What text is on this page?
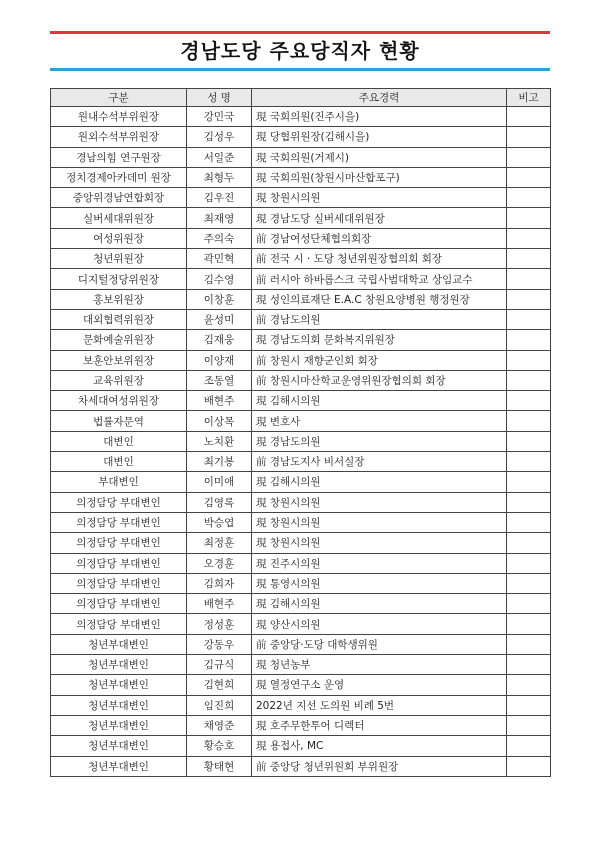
경남도당 주요당직자 현황
구분	성 명	주요경력	비고
원내수석부위원장	강민국	現 국회의원(진주시을)	
원외수석부위원장	김성우	現 당협위원장(김해시을)	
경남의힘 연구원장	서일준	現 국회의원(거제시)	
정치경제아카데미 원장	최형두	現 국회의원(창원시마산합포구)	
중앙위경남연합회장	김우진	現 창원시의원	
실버세대위원장	최재영	現 경남도당 실버세대위원장	
여성위원장	주의숙	前 경남여성단체협의회장	
청년위원장	곽민혁	前 전국 시 · 도당 청년위원장협의회 회장	
디지털정당위원장	김수영	前 러시아 하바롭스크 국립사범대학교 상임교수	
홍보위원장	이창훈	現 성인의료재단 E.A.C 창원요양병원 행정원장	
대외협력위원장	윤성미	前 경남도의원	
문화예술위원장	김재웅	現 경남도의회 문화복지위원장	
보훈안보위원장	이양재	前 창원시 재향군인회 회장	
교육위원장	조동열	前 창원시마산학교운영위원장협의회 회장	
차세대여성위원장	배현주	現 김해시의원	
법률자문역	이상목	現 변호사	
대변인	노치환	現 경남도의원	
대변인	최기봉	前 경남도지사 비서실장	
부대변인	이미애	現 김해시의원	
의정담당 부대변인	김영록	現 창원시의원	
의정담당 부대변인	박승엽	現 창원시의원	
의정담당 부대변인	최정훈	現 창원시의원	
의정담당 부대변인	오경훈	現 진주시의원	
의정담당 부대변인	김희자	現 통영시의원	
의정담당 부대변인	배현주	現 김해시의원	
의정담당 부대변인	정성훈	現 양산시의원	
청년부대변인	강동우	前 중앙당·도당 대학생위원	
청년부대변인	김규식	現 청년농부	
청년부대변인	김현희	現 열정연구소 운영	
청년부대변인	임진희	2022년 지선 도의원 비례 5번	
청년부대변인	채영준	現 호주무한투어 디렉터	
청년부대변인	황승호	現 용접사, MC	
청년부대변인	황태현	前 중앙당 청년위원회 부위원장	
